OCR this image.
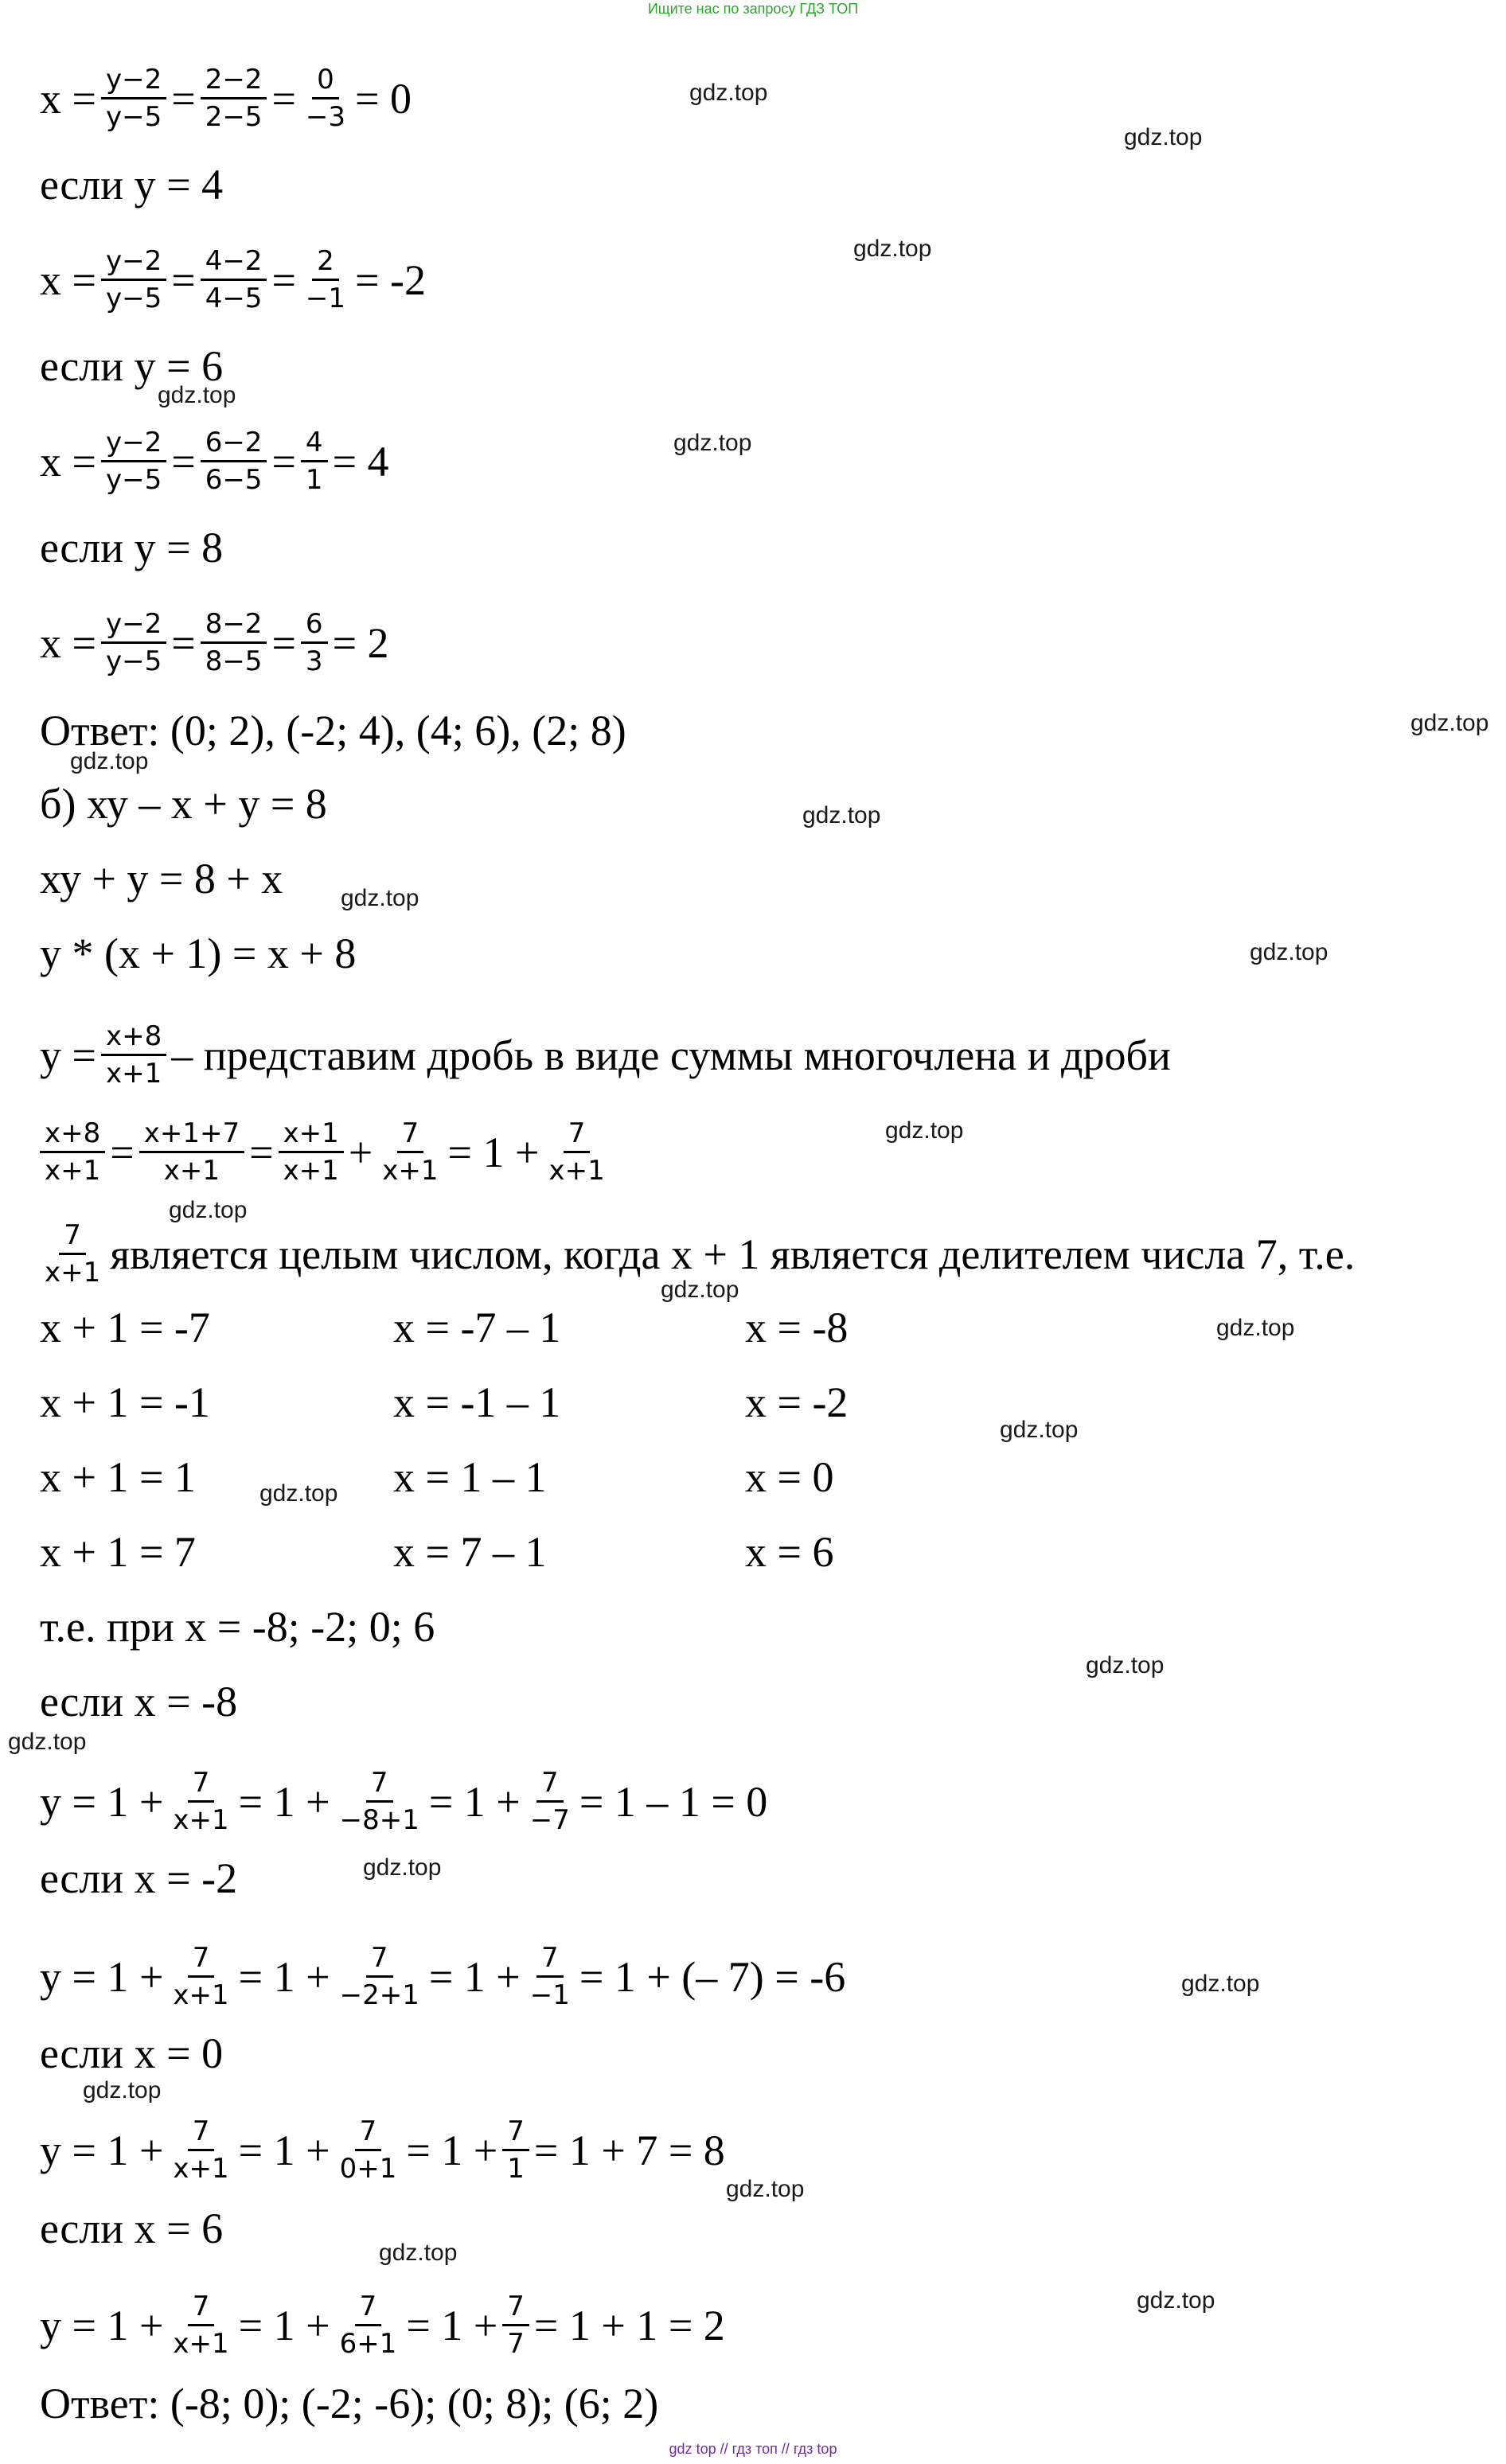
Ищите нас по запросу ГДЗ ТОП
$x = \frac{y-2}{y-5} = \frac{2-2}{2-5} = \frac{0}{-3} = 0$
если у = 4
$x = \frac{y-2}{y-5} = \frac{4-2}{4-5} = \frac{2}{-1} = -2$
если у = 6
$x = \frac{y-2}{y-5} = \frac{6-2}{6-5} = \frac{4}{1} = 4$
если у = 8
$x = \frac{y-2}{y-5} = \frac{8-2}{8-5} = \frac{6}{3} = 2$
Ответ: (0; 2), (-2; 4), (4; 6), (2; 8)
б) ху – х + у = 8
ху + у = 8 + х
у * (х + 1) = х + 8
$y = \frac{x+8}{x+1}$ – представим дробь в виде суммы многочлена и дроби
$\frac{x+8}{x+1} = \frac{x+1+7}{x+1} = \frac{x+1}{x+1} + \frac{7}{x+1} = 1 + \frac{7}{x+1}$
$\frac{7}{x+1}$ является целым числом, когда х + 1 является делителем числа 7, т.е.
х + 1 = -7	х = -7 – 1	х = -8
х + 1 = -1	х = -1 – 1	х = -2
х + 1 = 1	х = 1 – 1	х = 0
х + 1 = 7	х = 7 – 1	х = 6
т.е. при х = -8; -2; 0; 6
если х = -8
$y = 1 + \frac{7}{x+1} = 1 + \frac{7}{-8+1} = 1 + \frac{7}{-7} = 1 - 1 = 0$
если х = -2
$y = 1 + \frac{7}{x+1} = 1 + \frac{7}{-2+1} = 1 + \frac{7}{-1} = 1$ + (– 7) = -6
если х = 0
$y = 1 + \frac{7}{x+1} = 1 + \frac{7}{0+1} = 1 + \frac{7}{1} = 1 + 7 = 8$
если х = 6
$y = 1 + \frac{7}{x+1} = 1 + \frac{7}{6+1} = 1 + \frac{7}{7} = 1 + 1 = 2$
Ответ: (-8; 0); (-2; -6); (0; 8); (6; 2)
gdz.top
gdz.top
gdz.top
gdz.top
gdz.top
gdz.top
gdz.top
gdz.top
gdz.top
gdz.top
gdz.top
gdz.top
gdz.top
gdz.top
gdz.top
gdz.top
gdz.top
gdz.top
gdz.top
gdz.top
gdz.top
gdz.top
gdz.top
gdz.top
gdz top // гдз топ // гдз top
